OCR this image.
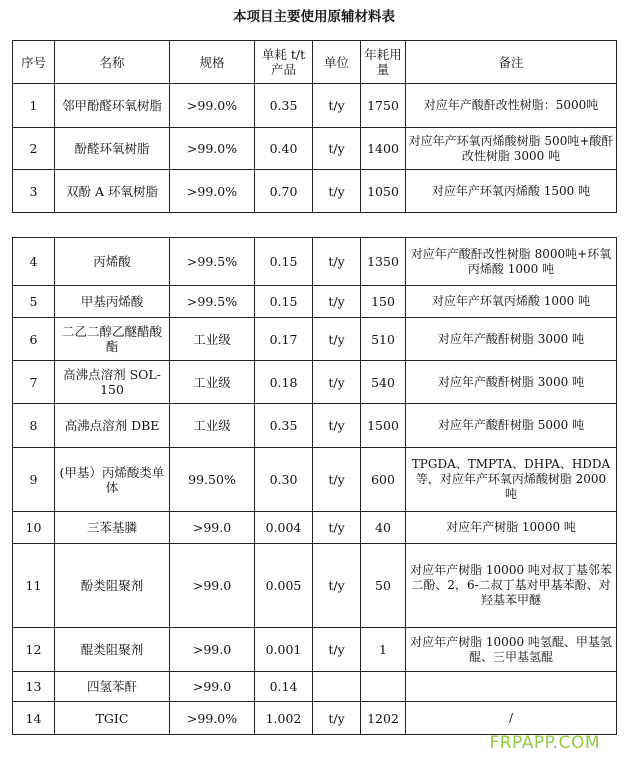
本项目主要使用原辅材料表
序号	名称	规格	单耗 t/t产品	单位	年耗用量	备注
1	邻甲酚醛环氧树脂	>99.0%	0.35	t/y	1750	对应年产酸酐改性树脂：5000吨
2	酚醛环氧树脂	>99.0%	0.40	t/y	1400	对应年产环氧丙烯酸树脂 500吨+酸酐改性树脂 3000 吨
3	双酚 A 环氧树脂	>99.0%	0.70	t/y	1050	对应年产环氧丙烯酸 1500 吨
4	丙烯酸	>99.5%	0.15	t/y	1350	对应年产酸酐改性树脂 8000吨+环氧丙烯酸 1000 吨
5	甲基丙烯酸	>99.5%	0.15	t/y	150	对应年产环氧丙烯酸 1000 吨
6	二乙二醇乙醚醋酸酯	工业级	0.17	t/y	510	对应年产酸酐树脂 3000 吨
7	高沸点溶剂 SOL-150	工业级	0.18	t/y	540	对应年产酸酐树脂 3000 吨
8	高沸点溶剂 DBE	工业级	0.35	t/y	1500	对应年产酸酐树脂 5000 吨
9	(甲基）丙烯酸类单体	99.50%	0.30	t/y	600	TPGDA、TMPTA、DHPA、HDDA 等，对应年产环氧丙烯酸树脂 2000 吨
10	三苯基膦	>99.0	0.004	t/y	40	对应年产树脂 10000 吨
11	酚类阻聚剂	>99.0	0.005	t/y	50	对应年产树脂 10000 吨对叔丁基邻苯二酚、2，6-二叔丁基对甲基苯酚、对羟基苯甲醚
12	醌类阻聚剂	>99.0	0.001	t/y	1	对应年产树脂 10000 吨氢醌、甲基氢醌、三甲基氢醌
13	四氢苯酐	>99.0	0.14			
14	TGIC	>99.0%	1.002	t/y	1202	/
FRPAPP.COM
